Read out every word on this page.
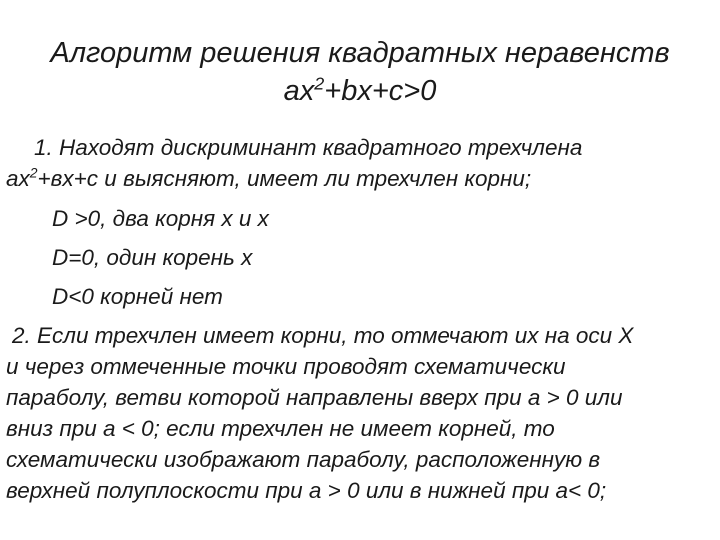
Алгоритм решения квадратных неравенств
$ax^2+bx+c>0$
1. Находят дискриминант квадратного трехчлена
$ax^2+вх+с$ и выясняют, имеет ли трехчлен корни;
D >0, два корня х и х
D=0, один корень х
D<0 корней нет
2. Если трехчлен имеет корни, то отмечают их на оси Х
и через отмеченные точки проводят схематически
параболу, ветви которой направлены вверх при а > 0 или
вниз при а < 0; если трехчлен не имеет корней, то
схематически изображают параболу, расположенную в
верхней полуплоскости при а > 0 или в нижней при а< 0;
